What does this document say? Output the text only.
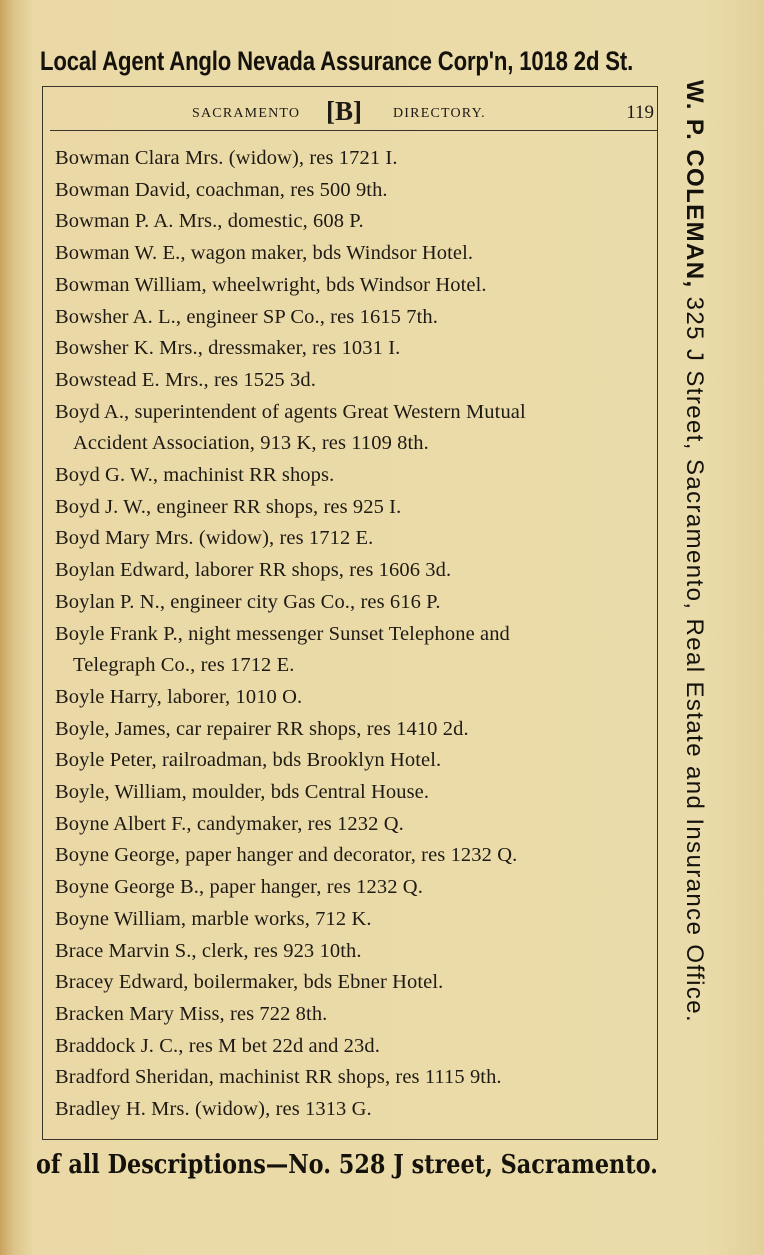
Local Agent Anglo Nevada Assurance Corp'n, 1018 2d St.
SACRAMENTO [B] DIRECTORY.	119
Bowman Clara Mrs. (widow), res 1721 I.
Bowman David, coachman, res 500 9th.
Bowman P. A. Mrs., domestic, 608 P.
Bowman W. E., wagon maker, bds Windsor Hotel.
Bowman William, wheelwright, bds Windsor Hotel.
Bowsher A. L., engineer SP Co., res 1615 7th.
Bowsher K. Mrs., dressmaker, res 1031 I.
Bowstead E. Mrs., res 1525 3d.
Boyd A., superintendent of agents Great Western Mutual
Accident Association, 913 K, res 1109 8th.
Boyd G. W., machinist RR shops.
Boyd J. W., engineer RR shops, res 925 I.
Boyd Mary Mrs. (widow), res 1712 E.
Boylan Edward, laborer RR shops, res 1606 3d.
Boylan P. N., engineer city Gas Co., res 616 P.
Boyle Frank P., night messenger Sunset Telephone and
Telegraph Co., res 1712 E.
Boyle Harry, laborer, 1010 O.
Boyle, James, car repairer RR shops, res 1410 2d.
Boyle Peter, railroadman, bds Brooklyn Hotel.
Boyle, William, moulder, bds Central House.
Boyne Albert F., candymaker, res 1232 Q.
Boyne George, paper hanger and decorator, res 1232 Q.
Boyne George B., paper hanger, res 1232 Q.
Boyne William, marble works, 712 K.
Brace Marvin S., clerk, res 923 10th.
Bracey Edward, boilermaker, bds Ebner Hotel.
Bracken Mary Miss, res 722 8th.
Braddock J. C., res M bet 22d and 23d.
Bradford Sheridan, machinist RR shops, res 1115 9th.
Bradley H. Mrs. (widow), res 1313 G.
W. P. COLEMAN, 325 J Street, Sacramento, Real Estate and Insurance Office.
of all Descriptions—No. 528 J street, Sacramento.
